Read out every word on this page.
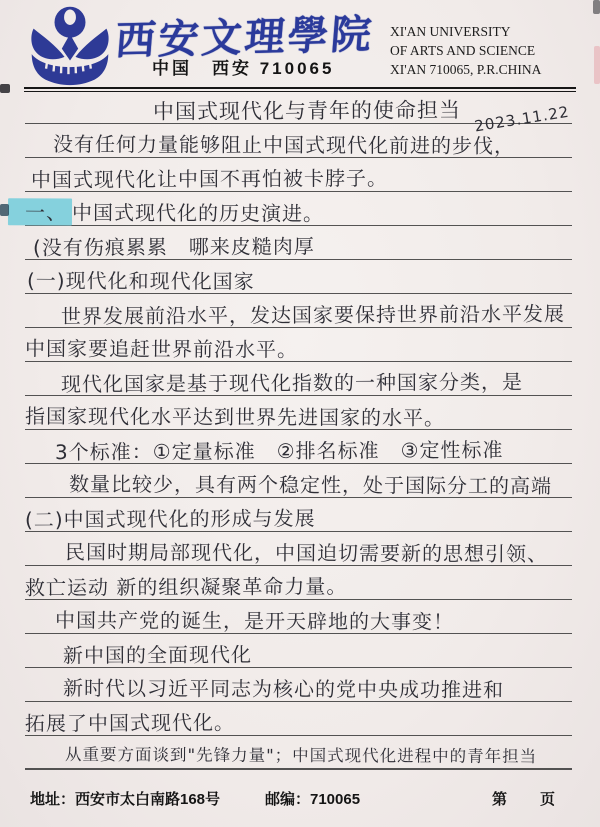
西安文理學院
中国　西安 710065
XI'AN UNIVERSITY
OF ARTS AND SCIENCE
XI'AN 710065, P.R.CHINA
中国式现代化与青年的使命担当 2023.11.22
没有任何力量能够阻止中国式现代化前进的步伐，
中国式现代化让中国不再怕被卡脖子。
一、 中国式现代化的历史演进。
(没有伤痕累累　哪来皮糙肉厚
(一)现代化和现代化国家
世界发展前沿水平，发达国家要保持世界前沿水平发展
中国家要追赶世界前沿水平。
现代化国家是基于现代化指数的一种国家分类，是
指国家现代化水平达到世界先进国家的水平。
3个标准：①定量标准　②排名标准　③定性标准
数量比较少，具有两个稳定性，处于国际分工的高端
(二)中国式现代化的形成与发展
民国时期局部现代化，中国迫切需要新的思想引领、
救亡运动 新的组织凝聚革命力量。
中国共产党的诞生，是开天辟地的大事变！
新中国的全面现代化
新时代以习近平同志为核心的党中央成功推进和
拓展了中国式现代化。
从重要方面谈到"先锋力量"；中国式现代化进程中的青年担当
地址：西安市太白南路168号	邮编：710065	第 页
